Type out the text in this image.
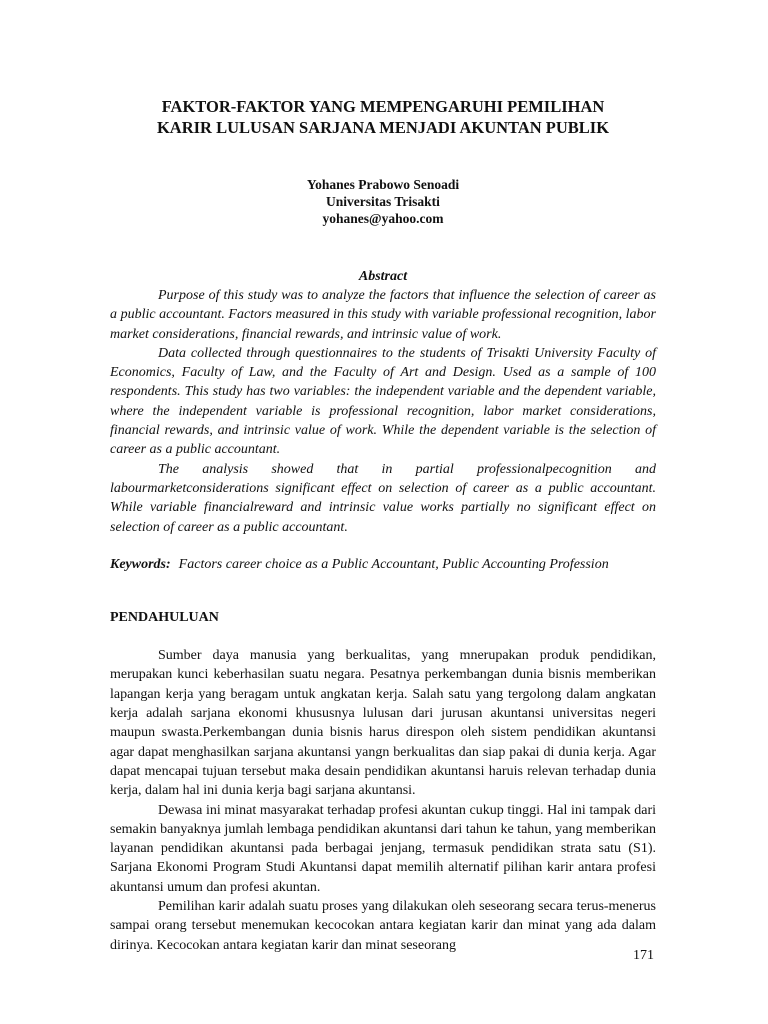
FAKTOR-FAKTOR YANG MEMPENGARUHI PEMILIHAN

KARIR LULUSAN SARJANA MENJADI AKUNTAN PUBLIK

Yohanes Prabowo Senoadi
Universitas Trisakti
yohanes@yahoo.com
Abstract

Purpose of this study was to analyze the factors that influence the selection of career as a public accountant. Factors measured in this study with variable professional recognition, labor market considerations, financial rewards, and intrinsic value of work.

Data collected through questionnaires to the students of Trisakti University Faculty of Economics, Faculty of Law, and the Faculty of Art and Design. Used as a sample of 100 respondents. This study has two variables: the independent variable and the dependent variable, where the independent variable is professional recognition, labor market considerations, financial rewards, and intrinsic value of work. While the dependent variable is the selection of career as a public accountant.

The analysis showed that in partial professionalpecognition and labourmarketconsiderations significant effect on selection of career as a public accountant. While variable financialreward and intrinsic value works partially no significant effect on selection of career as a public accountant.

Keywords: Factors career choice as a Public Accountant, Public Accounting Profession
PENDAHULUAN

Sumber daya manusia yang berkualitas, yang mnerupakan produk pendidikan, merupakan kunci keberhasilan suatu negara. Pesatnya perkembangan dunia bisnis memberikan lapangan kerja yang beragam untuk angkatan kerja. Salah satu yang tergolong dalam angkatan kerja adalah sarjana ekonomi khususnya lulusan dari jurusan akuntansi universitas negeri maupun swasta.Perkembangan dunia bisnis harus direspon oleh sistem pendidikan akuntansi agar dapat menghasilkan sarjana akuntansi yangn berkualitas dan siap pakai di dunia kerja. Agar dapat mencapai tujuan tersebut maka desain pendidikan akuntansi haruis relevan terhadap dunia kerja, dalam hal ini dunia kerja bagi sarjana akuntansi.

Dewasa ini minat masyarakat terhadap profesi akuntan cukup tinggi. Hal ini tampak dari semakin banyaknya jumlah lembaga pendidikan akuntansi dari tahun ke tahun, yang memberikan layanan pendidikan akuntansi pada berbagai jenjang, termasuk pendidikan strata satu (S1). Sarjana Ekonomi Program Studi Akuntansi dapat memilih alternatif pilihan karir antara profesi akuntansi umum dan profesi akuntan.

Pemilihan karir adalah suatu proses yang dilakukan oleh seseorang secara terus-menerus sampai orang tersebut menemukan kecocokan antara kegiatan karir dan minat yang ada dalam dirinya. Kecocokan antara kegiatan karir dan minat seseorang

171
